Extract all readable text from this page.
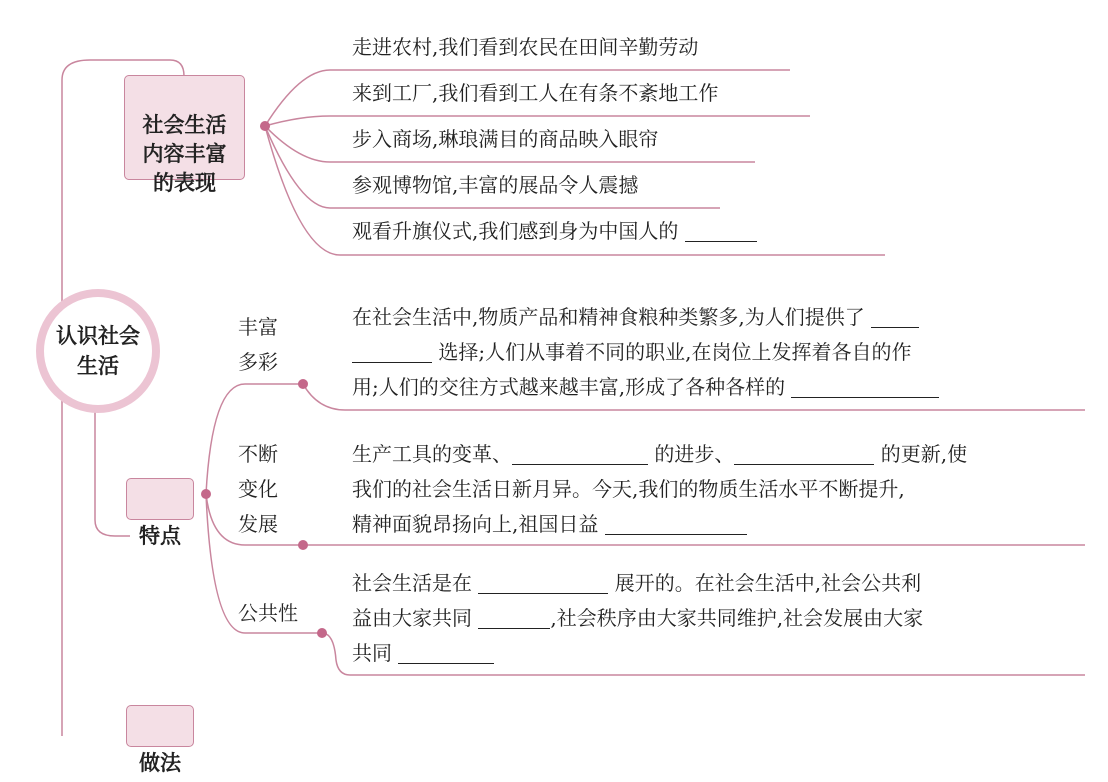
认识社会
生活

社会生活
内容丰富
的表现

走进农村,我们看到农民在田间辛勤劳动
来到工厂,我们看到工人在有条不紊地工作
步入商场,琳琅满目的商品映入眼帘
参观博物馆,丰富的展品令人震撼
观看升旗仪式,我们感到身为中国人的

特点

丰富
多彩
在社会生活中,物质产品和精神食粮种类繁多,为人们提供了
选择;人们从事着不同的职业,在岗位上发挥着各自的作
用;人们的交往方式越来越丰富,形成了各种各样的
不断
变化
发展
生产工具的变革、	的进步、	的更新,使
我们的社会生活日新月异。今天,我们的物质生活水平不断提升,
精神面貌昂扬向上,祖国日益
公共性
社会生活是在	展开的。在社会生活中,社会公共利
益由大家共同	,社会秩序由大家共同维护,社会发展由大家
共同

做法
